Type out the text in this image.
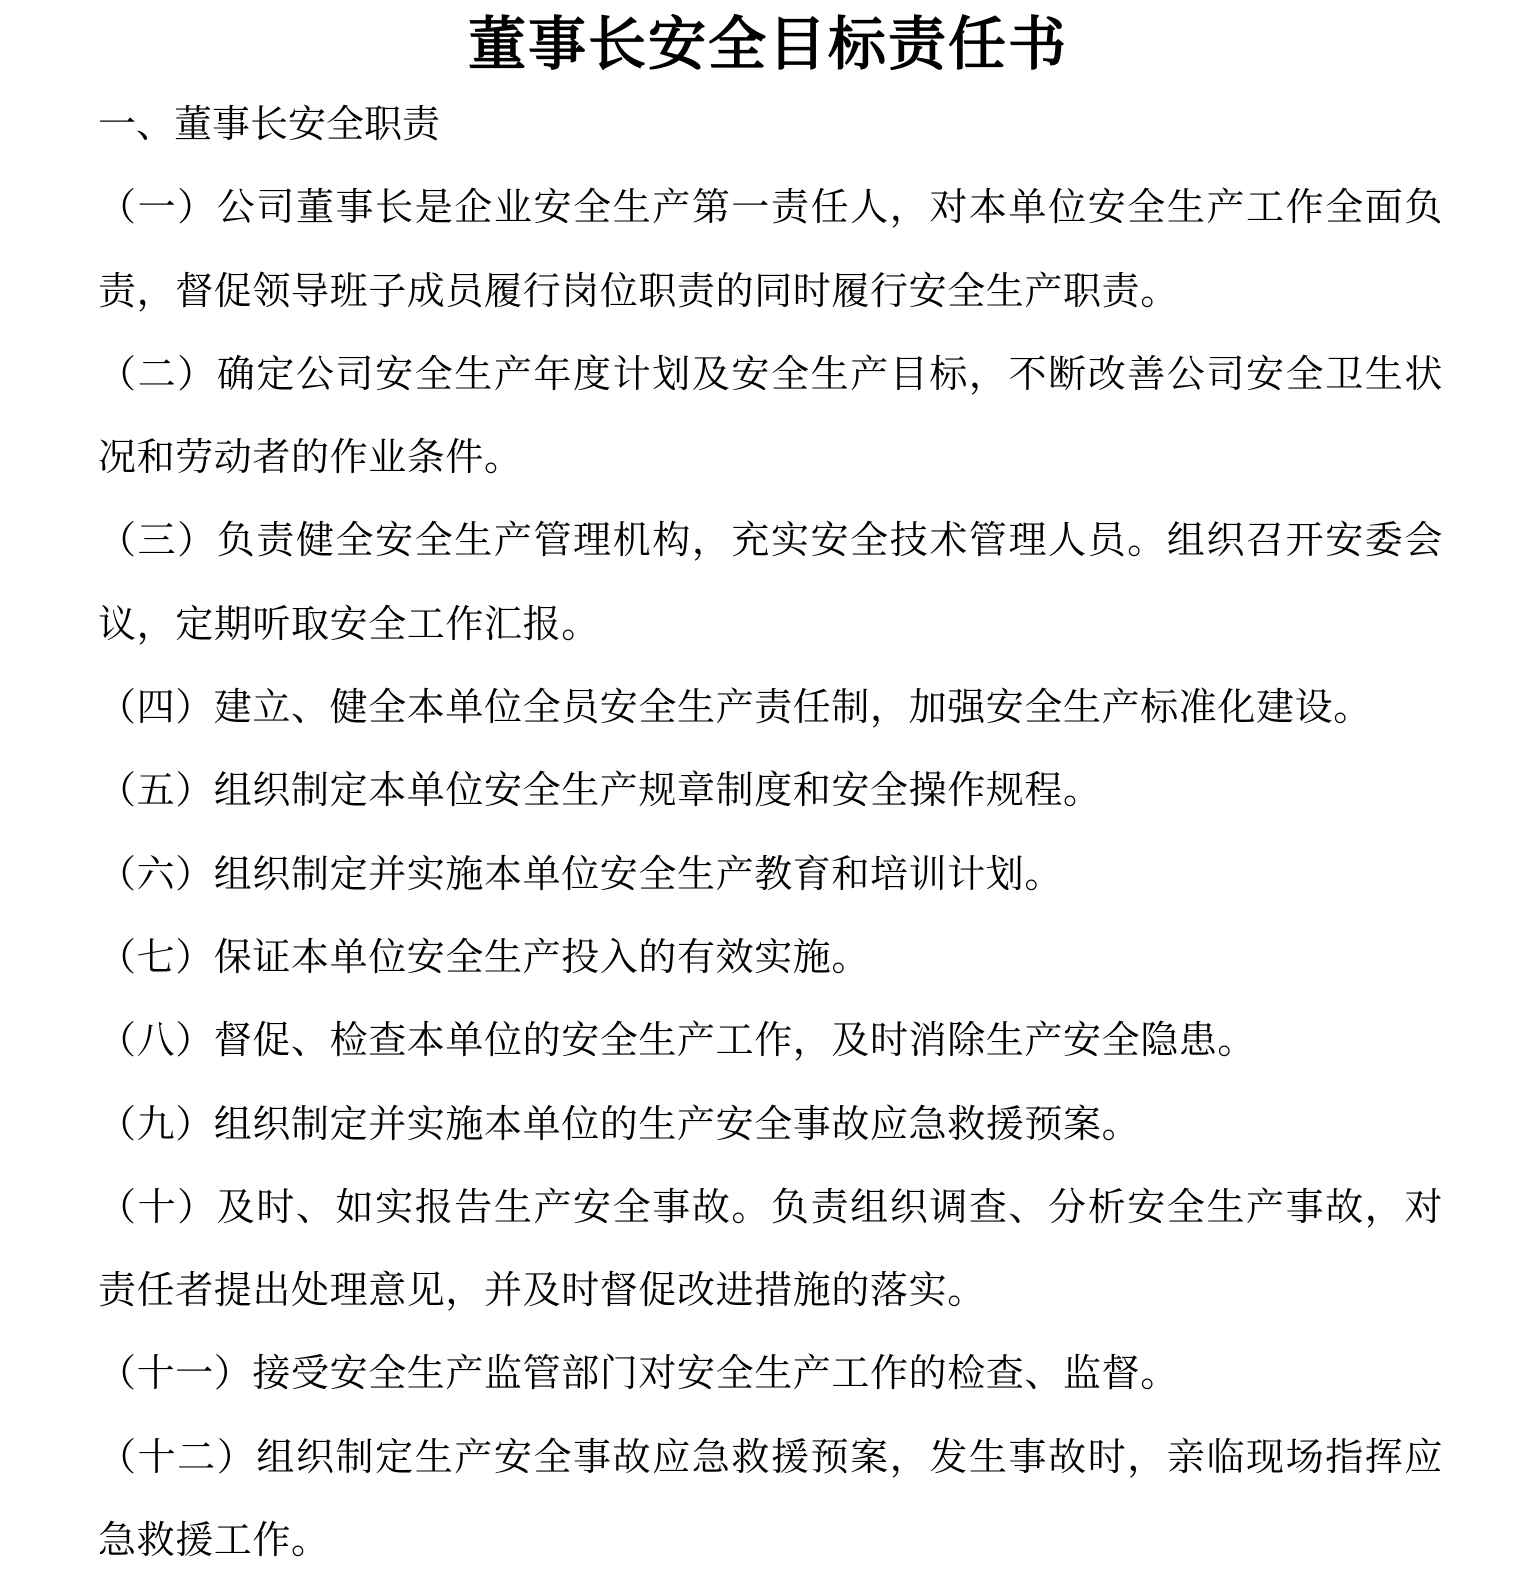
董事长安全目标责任书
一、董事长安全职责

（一）公司董事长是企业安全生产第一责任人，对本单位安全生产工作全面负责，督促领导班子成员履行岗位职责的同时履行安全生产职责。

（二）确定公司安全生产年度计划及安全生产目标，不断改善公司安全卫生状况和劳动者的作业条件。

（三）负责健全安全生产管理机构，充实安全技术管理人员。组织召开安委会议，定期听取安全工作汇报。

（四）建立、健全本单位全员安全生产责任制，加强安全生产标准化建设。

（五）组织制定本单位安全生产规章制度和安全操作规程。

（六）组织制定并实施本单位安全生产教育和培训计划。

（七）保证本单位安全生产投入的有效实施。

（八）督促、检查本单位的安全生产工作，及时消除生产安全隐患。

（九）组织制定并实施本单位的生产安全事故应急救援预案。

（十）及时、如实报告生产安全事故。负责组织调查、分析安全生产事故，对责任者提出处理意见，并及时督促改进措施的落实。

（十一）接受安全生产监管部门对安全生产工作的检查、监督。

（十二）组织制定生产安全事故应急救援预案，发生事故时，亲临现场指挥应急救援工作。
